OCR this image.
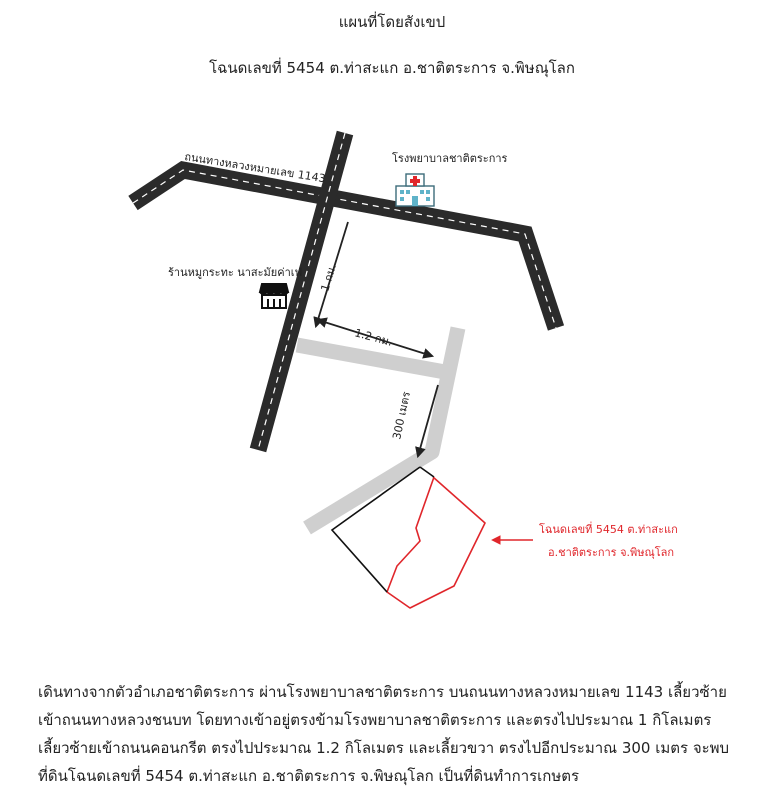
แผนที่โดยสังเขป
โฉนดเลขที่ 5454 ต.ท่าสะแก อ.ชาติตระการ จ.พิษณุโลก
ถนนทางหลวงหมายเลข 1143	โรงพยาบาลชาติตระการ
ร้านหมูกระทะ นาสะมัยค่าเฟ่ 1 กม.
1.2 กม.
300 เมตร
โฉนดเลขที่ 5454 ต.ท่าสะแก
อ.ชาติตระการ จ.พิษณุโลก
เดินทางจากตัวอำเภอชาติตระการ ผ่านโรงพยาบาลชาติตระการ บนถนนทางหลวงหมายเลข 1143 เลี้ยวซ้าย
เข้าถนนทางหลวงชนบท โดยทางเข้าอยู่ตรงข้ามโรงพยาบาลชาติตระการ และตรงไปประมาณ 1 กิโลเมตร
เลี้ยวซ้ายเข้าถนนคอนกรีต ตรงไปประมาณ 1.2 กิโลเมตร และเลี้ยวขวา ตรงไปอีกประมาณ 300 เมตร จะพบ
ที่ดินโฉนดเลขที่ 5454 ต.ท่าสะแก อ.ชาติตระการ จ.พิษณุโลก เป็นที่ดินทำการเกษตร
